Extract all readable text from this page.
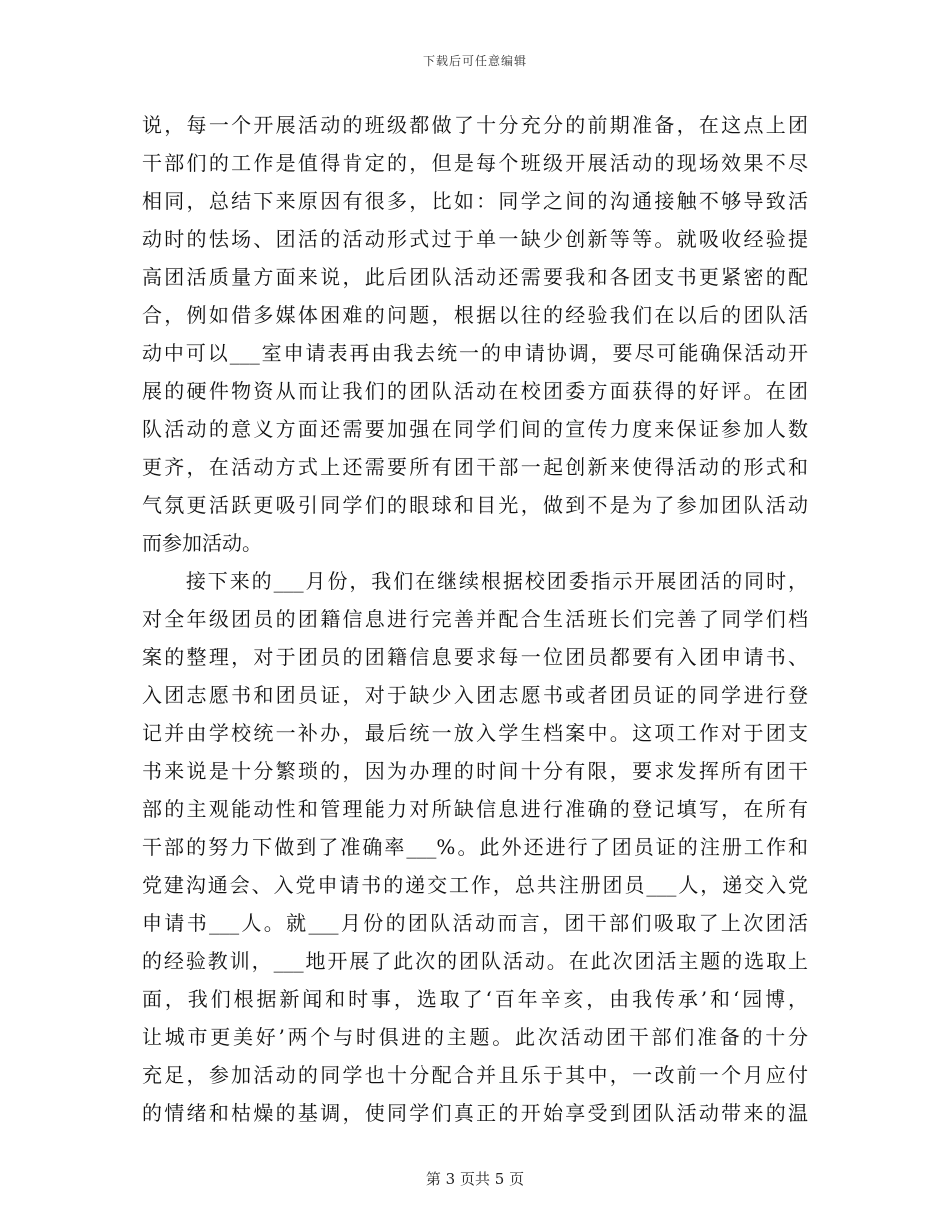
下载后可任意编辑
说，每一个开展活动的班级都做了十分充分的前期准备，在这点上团
干部们的工作是值得肯定的，但是每个班级开展活动的现场效果不尽
相同，总结下来原因有很多，比如：同学之间的沟通接触不够导致活
动时的怯场、团活的活动形式过于单一缺少创新等等。就吸收经验提
高团活质量方面来说，此后团队活动还需要我和各团支书更紧密的配
合，例如借多媒体困难的问题，根据以往的经验我们在以后的团队活
动中可以___室申请表再由我去统一的申请协调，要尽可能确保活动开
展的硬件物资从而让我们的团队活动在校团委方面获得的好评。在团
队活动的意义方面还需要加强在同学们间的宣传力度来保证参加人数
更齐，在活动方式上还需要所有团干部一起创新来使得活动的形式和
气氛更活跃更吸引同学们的眼球和目光，做到不是为了参加团队活动
而参加活动。
　　接下来的___月份，我们在继续根据校团委指示开展团活的同时，
对全年级团员的团籍信息进行完善并配合生活班长们完善了同学们档
案的整理，对于团员的团籍信息要求每一位团员都要有入团申请书、
入团志愿书和团员证，对于缺少入团志愿书或者团员证的同学进行登
记并由学校统一补办，最后统一放入学生档案中。这项工作对于团支
书来说是十分繁琐的，因为办理的时间十分有限，要求发挥所有团干
部的主观能动性和管理能力对所缺信息进行准确的登记填写，在所有
干部的努力下做到了准确率___%。此外还进行了团员证的注册工作和
党建沟通会、入党申请书的递交工作，总共注册团员___人，递交入党
申请书___人。就___月份的团队活动而言，团干部们吸取了上次团活
的经验教训，___地开展了此次的团队活动。在此次团活主题的选取上
面，我们根据新闻和时事，选取了‘百年辛亥，由我传承’和‘园博，
让城市更美好’两个与时俱进的主题。此次活动团干部们准备的十分
充足，参加活动的同学也十分配合并且乐于其中，一改前一个月应付
的情绪和枯燥的基调，使同学们真正的开始享受到团队活动带来的温
第 3 页共 5 页
